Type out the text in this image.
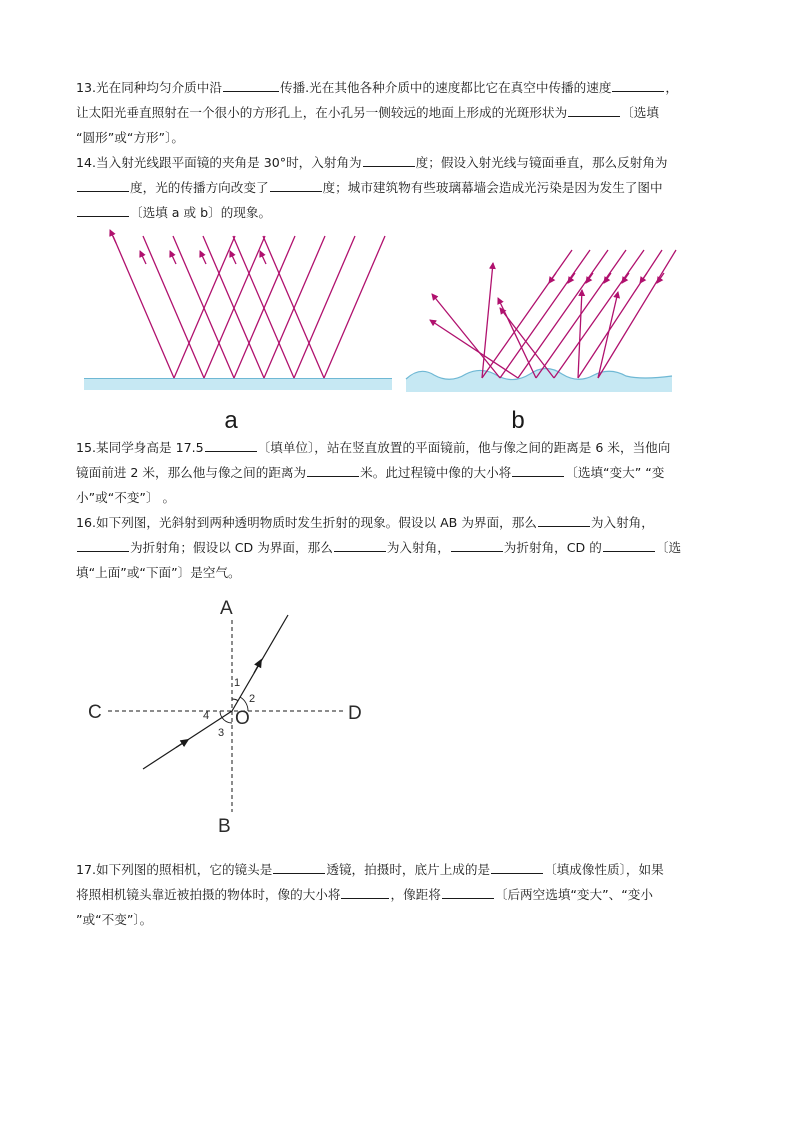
13.光在同种均匀介质中沿	传播.光在其他各种介质中的速度都比它在真空中传播的速度	，
让太阳光垂直照射在一个很小的方形孔上，在小孔另一侧较远的地面上形成的光斑形状为	〔选填
“圆形”或“方形”〕。
14.当入射光线跟平面镜的夹角是 30°时，入射角为	度；假设入射光线与镜面垂直，那么反射角为
度，光的传播方向改变了	度；城市建筑物有些玻璃幕墙会造成光污染是因为发生了图中
〔选填 a 或 b〕的现象。
a	b
15.某同学身高是 17.5	〔填单位〕，站在竖直放置的平面镜前，他与像之间的距离是 6 米，当他向
镜面前进 2 米，那么他与像之间的距离为	米。此过程镜中像的大小将	〔选填“变大” “变
小”或“不变”〕 。
16.如下列图，光斜射到两种透明物质时发生折射的现象。假设以 AB 为界面，那么	为入射角，
为折射角；假设以 CD 为界面，那么	为入射角，	为折射角，CD 的	〔选
填“上面”或“下面”〕是空气。
A
B
C	D
O
1
2
3
4
17.如下列图的照相机，它的镜头是	透镜，拍摄时，底片上成的是	〔填成像性质〕，如果
将照相机镜头靠近被拍摄的物体时，像的大小将	，像距将	〔后两空选填“变大”、“变小
”或“不变”〕。
